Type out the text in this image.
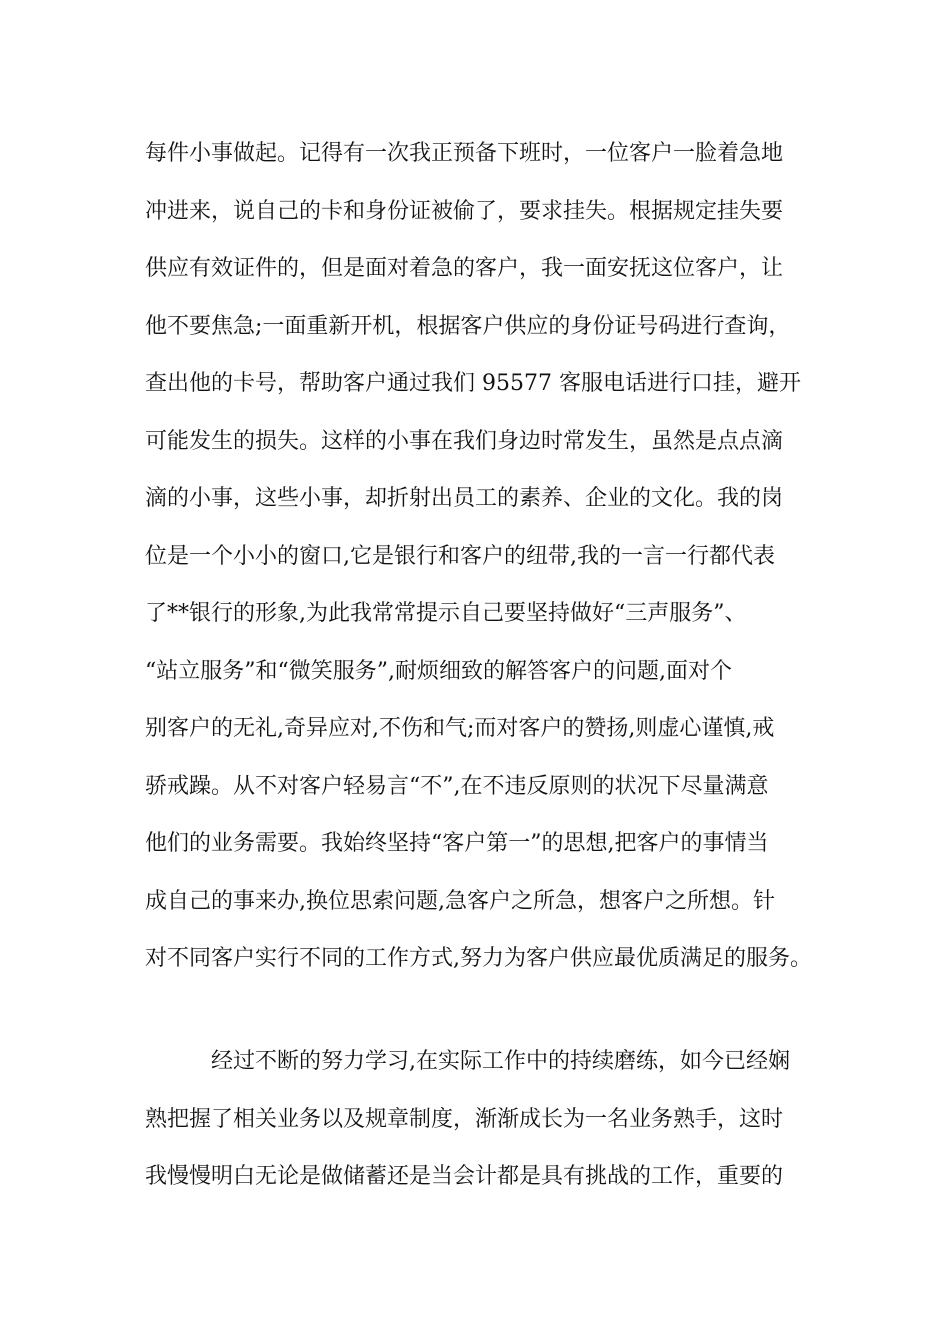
每件小事做起。记得有一次我正预备下班时，一位客户一脸着急地
冲进来，说自己的卡和身份证被偷了，要求挂失。根据规定挂失要
供应有效证件的，但是面对着急的客户，我一面安抚这位客户，让
他不要焦急;一面重新开机，根据客户供应的身份证号码进行查询，
查出他的卡号，帮助客户通过我们 95577 客服电话进行口挂，避开
可能发生的损失。这样的小事在我们身边时常发生，虽然是点点滴
滴的小事，这些小事，却折射出员工的素养、企业的文化。我的岗
位是一个小小的窗口,它是银行和客户的纽带,我的一言一行都代表
了**银行的形象,为此我常常提示自己要坚持做好“三声服务”、
“站立服务”和“微笑服务”,耐烦细致的解答客户的问题,面对个
别客户的无礼,奇异应对,不伤和气;而对客户的赞扬,则虚心谨慎,戒
骄戒躁。从不对客户轻易言“不”,在不违反原则的状况下尽量满意
他们的业务需要。我始终坚持“客户第一”的思想,把客户的事情当
成自己的事来办,换位思索问题,急客户之所急，想客户之所想。针
对不同客户实行不同的工作方式,努力为客户供应最优质满足的服务。
经过不断的努力学习,在实际工作中的持续磨练，如今已经娴
熟把握了相关业务以及规章制度，渐渐成长为一名业务熟手，这时
我慢慢明白无论是做储蓄还是当会计都是具有挑战的工作，重要的
